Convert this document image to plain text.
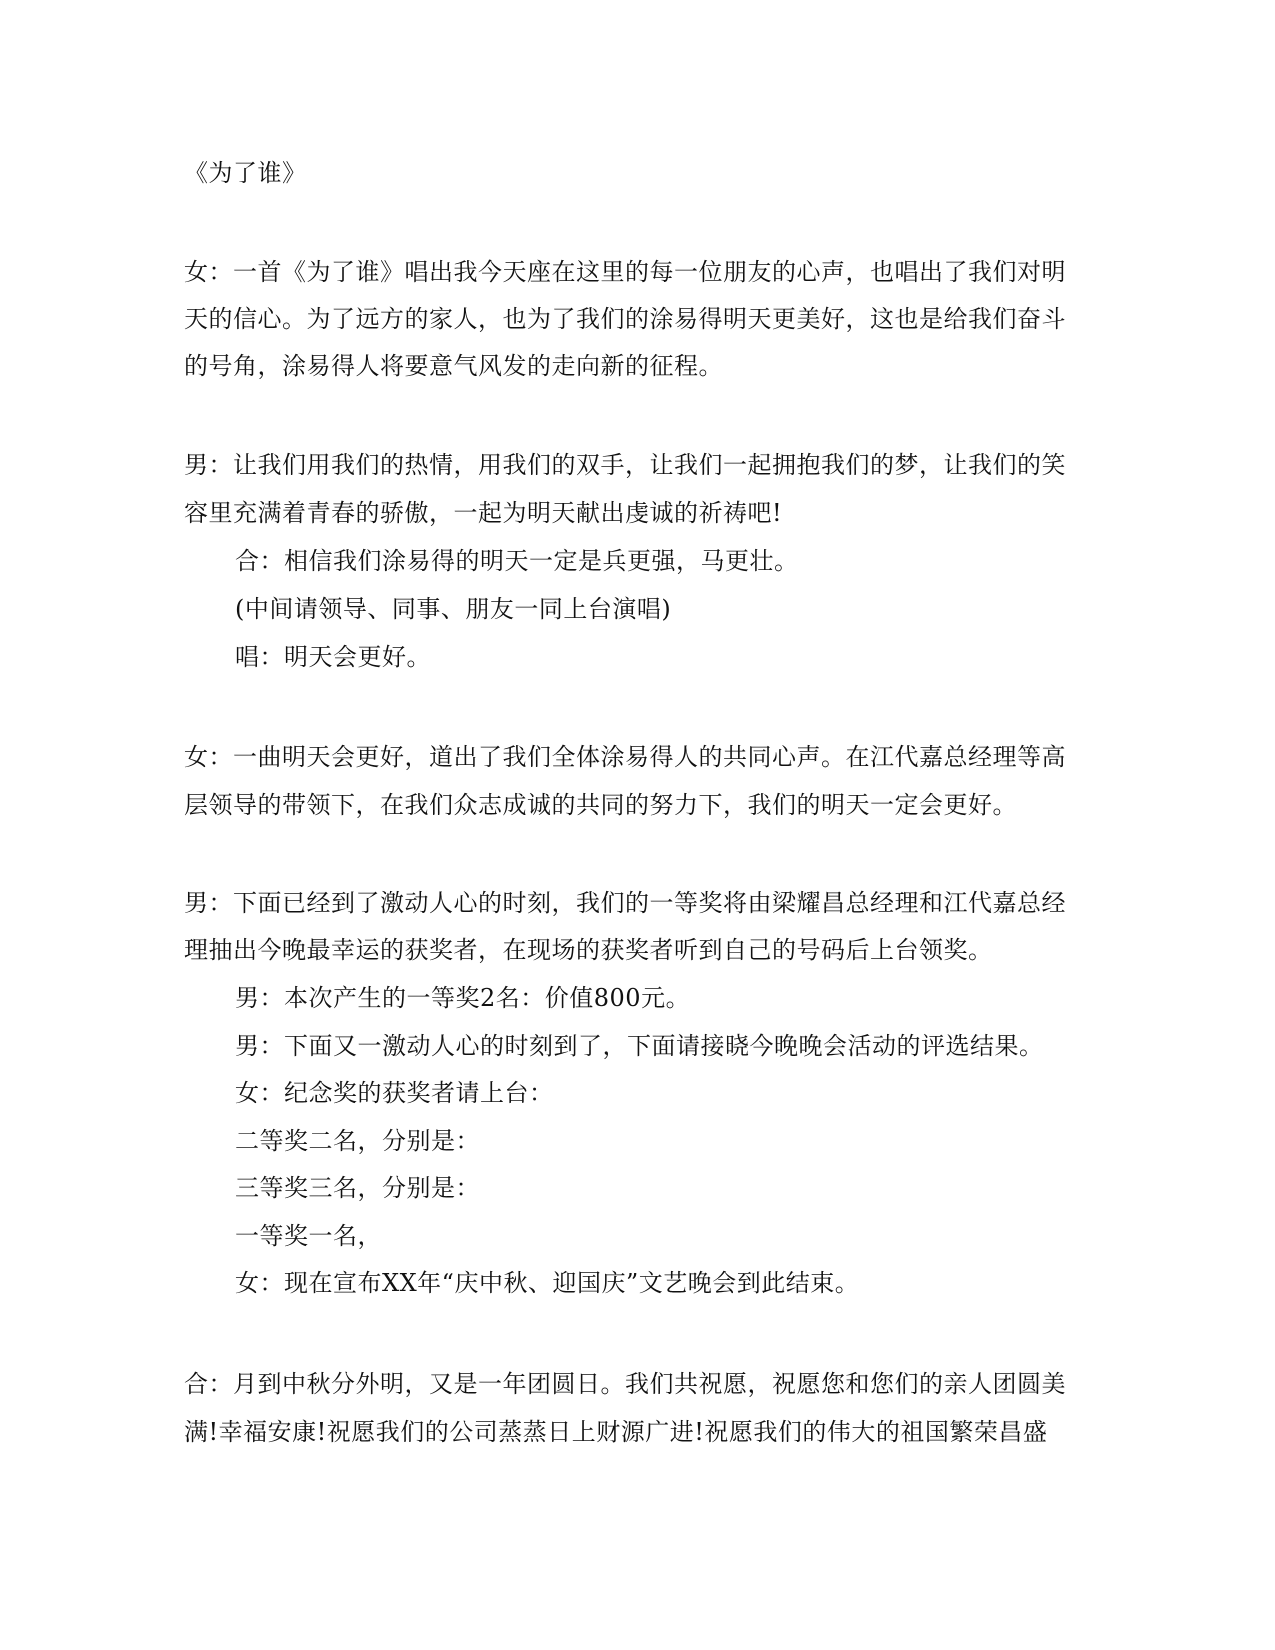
《为了谁》
女：一首《为了谁》唱出我今天座在这里的每一位朋友的心声，也唱出了我们对明
天的信心。为了远方的家人，也为了我们的涂易得明天更美好，这也是给我们奋斗
的号角，涂易得人将要意气风发的走向新的征程。
男：让我们用我们的热情，用我们的双手，让我们一起拥抱我们的梦，让我们的笑
容里充满着青春的骄傲，一起为明天献出虔诚的祈祷吧!
合：相信我们涂易得的明天一定是兵更强，马更壮。
(中间请领导、同事、朋友一同上台演唱)
唱：明天会更好。
女：一曲明天会更好，道出了我们全体涂易得人的共同心声。在江代嘉总经理等高
层领导的带领下，在我们众志成诚的共同的努力下，我们的明天一定会更好。
男：下面已经到了激动人心的时刻，我们的一等奖将由梁耀昌总经理和江代嘉总经
理抽出今晚最幸运的获奖者，在现场的获奖者听到自己的号码后上台领奖。
男：本次产生的一等奖2名：价值800元。
男：下面又一激动人心的时刻到了，下面请接晓今晚晚会活动的评选结果。
女：纪念奖的获奖者请上台：
二等奖二名，分别是：
三等奖三名，分别是：
一等奖一名，
女：现在宣布XX年“庆中秋、迎国庆”文艺晚会到此结束。
合：月到中秋分外明，又是一年团圆日。我们共祝愿，祝愿您和您们的亲人团圆美
满!幸福安康!祝愿我们的公司蒸蒸日上财源广进!祝愿我们的伟大的祖国繁荣昌盛
